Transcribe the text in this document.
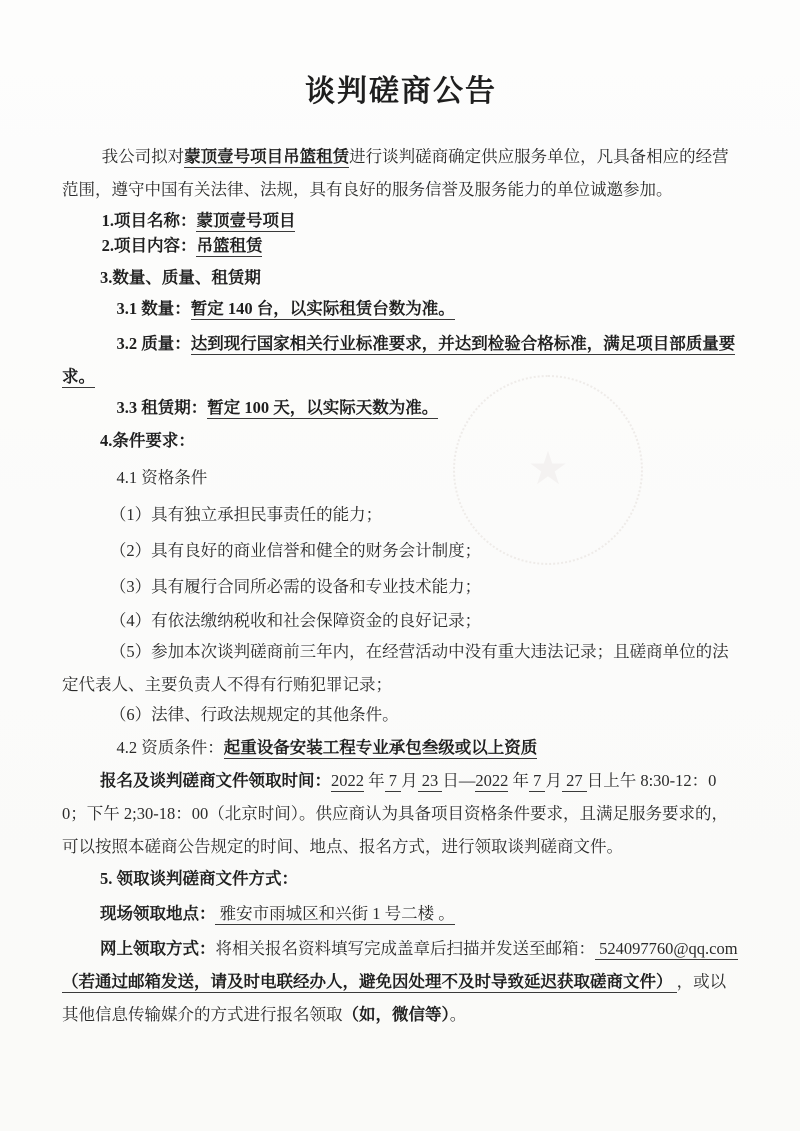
谈判磋商公告

我公司拟对蒙顶壹号项目吊篮租赁进行谈判磋商确定供应服务单位，凡具备相应的经营范围，遵守中国有关法律、法规，具有良好的服务信誉及服务能力的单位诚邀参加。

1.项目名称：蒙顶壹号项目

2.项目内容：吊篮租赁

3.数量、质量、租赁期

3.1 数量：暂定 140 台，以实际租赁台数为准。

3.2 质量：达到现行国家相关行业标准要求，并达到检验合格标准，满足项目部质量要求。

3.3 租赁期：暂定 100 天，以实际天数为准。

4.条件要求：

4.1 资格条件

（1）具有独立承担民事责任的能力；

（2）具有良好的商业信誉和健全的财务会计制度；

（3）具有履行合同所必需的设备和专业技术能力；

（4）有依法缴纳税收和社会保障资金的良好记录；

（5）参加本次谈判磋商前三年内，在经营活动中没有重大违法记录；且磋商单位的法定代表人、主要负责人不得有行贿犯罪记录；

（6）法律、行政法规规定的其他条件。

4.2 资质条件：起重设备安装工程专业承包叁级或以上资质

报名及谈判磋商文件领取时间：2022 年 7 月 23 日—2022 年 7 月 27 日上午 8:30-12：00；下午 2;30-18：00（北京时间）。供应商认为具备项目资格条件要求，且满足服务要求的，可以按照本磋商公告规定的时间、地点、报名方式，进行领取谈判磋商文件。

5. 领取谈判磋商文件方式：

现场领取地点： 雅安市雨城区和兴街 1 号二楼 。

网上领取方式：将相关报名资料填写完成盖章后扫描并发送至邮箱： 524097760@qq.com（若通过邮箱发送，请及时电联经办人，避免因处理不及时导致延迟获取磋商文件） ，或以其他信息传输媒介的方式进行报名领取（如，微信等）。

★
